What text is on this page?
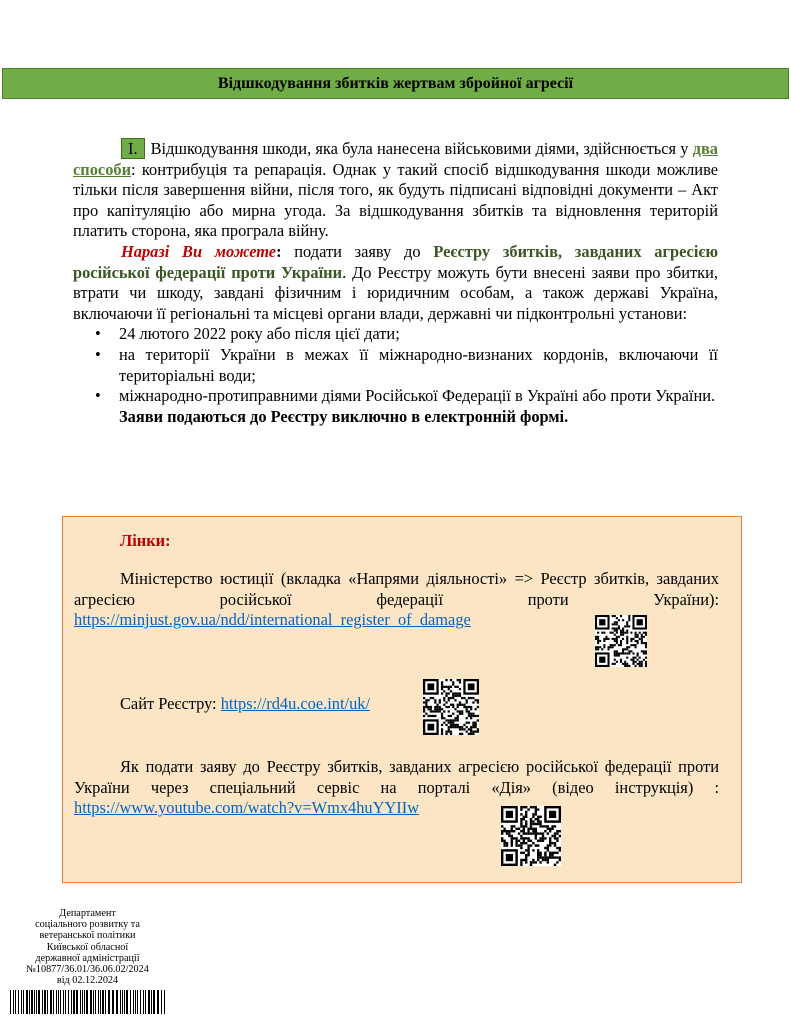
Відшкодування збитків жертвам збройної агресії

І. Відшкодування шкоди, яка була нанесена військовими діями, здійснюється у два способи: контрибуція та репарація. Однак у такий спосіб відшкодування шкоди можливе тільки після завершення війни, після того, як будуть підписані відповідні документи – Акт про капітуляцію або мирна угода. За відшкодування збитків та відновлення територій платить сторона, яка програла війну.

Наразі Ви можете: подати заяву до Реєстру збитків, завданих агресією російської федерації проти України. До Реєстру можуть бути внесені заяви про збитки, втрати чи шкоду, завдані фізичним і юридичним особам, а також державі Україна, включаючи її регіональні та місцеві органи влади, державні чи підконтрольні установи:

• 24 лютого 2022 року або після цієї дати;
• на території України в межах її міжнародно-визнаних кордонів, включаючи її територіальні води;
• міжнародно-протиправними діями Російської Федерації в Україні або проти України.

Заяви подаються до Реєстру виключно в електронній формі.

Лінки:
Міністерство юстиції (вкладка «Напрями діяльності» => Реєстр збитків, завданих агресією російської федерації проти України): https://minjust.gov.ua/ndd/international_register_of_damage
Сайт Реєстру: https://rd4u.coe.int/uk/
Як подати заяву до Реєстру збитків, завданих агресією російської федерації проти України через спеціальний сервіс на порталі «Дія» (відео інструкція) : https://www.youtube.com/watch?v=Wmx4huYYIIw
Департамент
соціального розвитку та
ветеранської політики
Київської обласної
державної адміністрації
№10877/36.01/36.06.02/2024
від 02.12.2024
